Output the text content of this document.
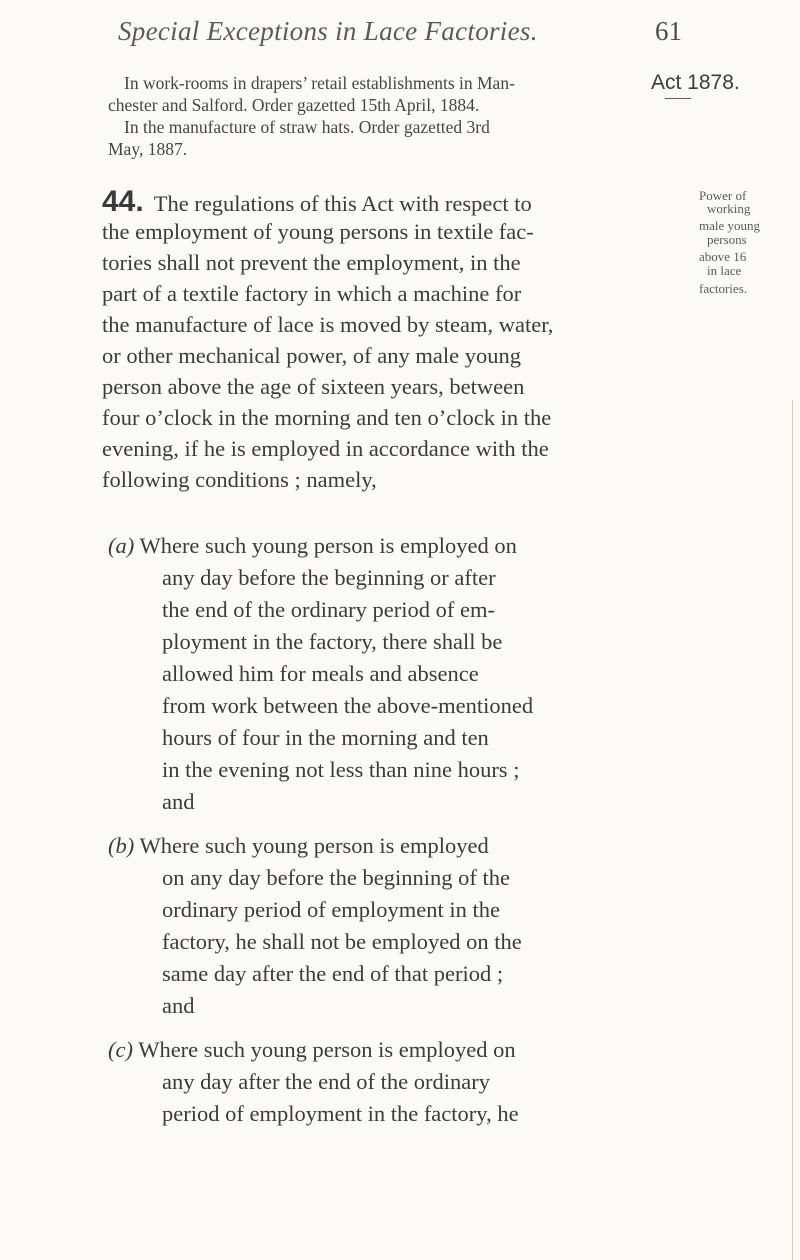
Special Exceptions in Lace Factories.	61
In work-rooms in drapers’ retail establishments in Man-
chester and Salford. Order gazetted 15th April, 1884.
In the manufacture of straw hats. Order gazetted 3rd
May, 1887.
Act 1878.
44. The regulations of this Act with respect to
the employment of young persons in textile fac-
tories shall not prevent the employment, in the
part of a textile factory in which a machine for
the manufacture of lace is moved by steam, water,
or other mechanical power, of any male young
person above the age of sixteen years, between
four o’clock in the morning and ten o’clock in the
evening, if he is employed in accordance with the
following conditions ; namely,
Power of
working
male young
persons
above 16
in lace
factories.
(a) Where such young person is employed on
any day before the beginning or after
the end of the ordinary period of em-
ployment in the factory, there shall be
allowed him for meals and absence
from work between the above-mentioned
hours of four in the morning and ten
in the evening not less than nine hours ;
and
(b) Where such young person is employed
on any day before the beginning of the
ordinary period of employment in the
factory, he shall not be employed on the
same day after the end of that period ;
and
(c) Where such young person is employed on
any day after the end of the ordinary
period of employment in the factory, he
